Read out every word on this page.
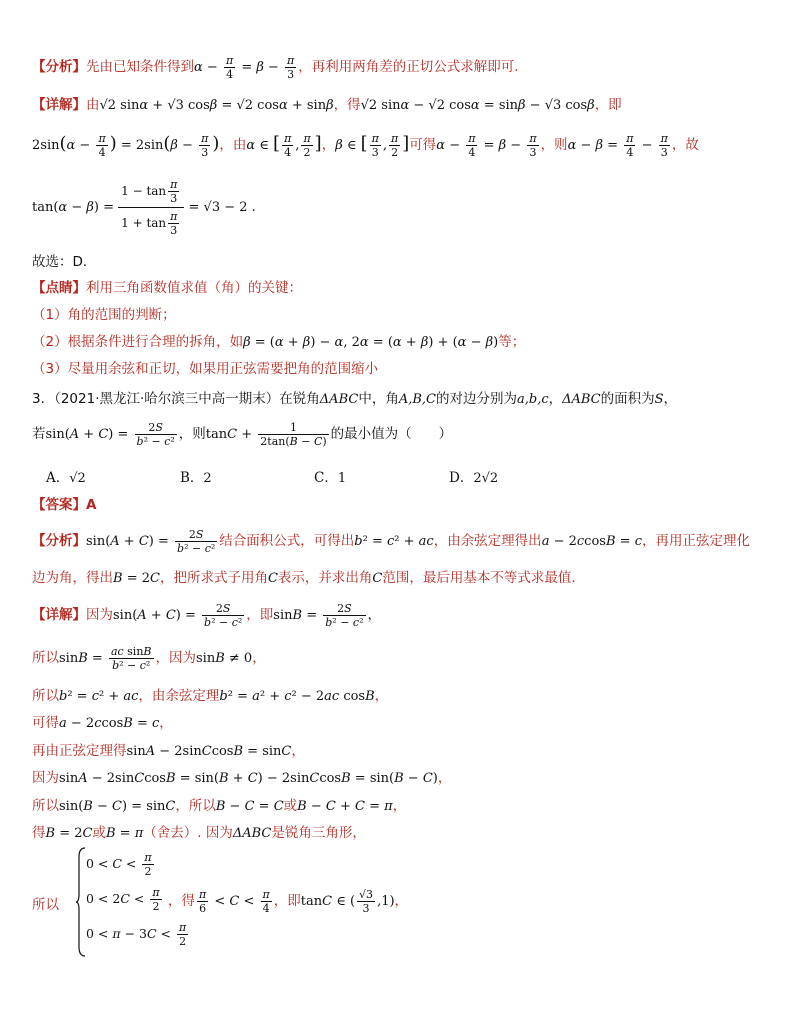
【分析】先由已知条件得到$\alpha - \frac{\pi}{4} = \beta - \frac{\pi}{3}$ ，再利用两角差的正切公式求解即可.
【详解】由√2 sinα + √3 cosβ = √2 cosα + sinβ，得√2 sinα − √2 cosα = sinβ − √3 cosβ，即
$2\sin(\alpha - \frac{\pi}{4}$ ) = $2\sin(\beta - \frac{\pi}{3}$ )，由α ∈ [ $\frac{\pi}{4}$ , $\frac{\pi}{2}$ ]，β ∈ [ $\frac{\pi}{3}$ , $\frac{\pi}{2}$ ]可得$\alpha - \frac{\pi}{4} = \beta - \frac{\pi}{3}$ ，则$\alpha - \beta = \frac{\pi}{4} - \frac{\pi}{3}$ ，故
$\tan(\alpha - \beta) = \frac{1 - \tan \frac{\pi}{3}}{1 + \tan \frac{\pi}{3}} = √3 - 2$ .
故选：D．
【点睛】利用三角函数值求值（角）的关键：
（1）角的范围的判断；
（2）根据条件进行合理的拆角，如β = (α + β) − α, 2α = (α + β) + (α − β)等；
（3）尽量用余弦和正切，如果用正弦需要把角的范围缩小
3．（2021·黑龙江·哈尔滨三中高一期末）在锐角ΔABC中，角A,B,C的对边分别为a,b,c，ΔABC的面积为S，
若$\sin(A + C) = \frac{2S}{\text{b² − c²}}$ ，则$\tan C + \frac{1}{2\tan(B - C)}$ 的最小值为（　　）
A．√2	B．2	C．1	D．2√2
【答案】A
【分析】$\sin(A + C) = \frac{2S}{\text{b² − c²}}$ 结合面积公式，可得出b² = c² + ac，由余弦定理得出a − 2ccosB = c，再用正弦定理化
边为角，得出B = 2C，把所求式子用角C表示，并求出角C范围，最后用基本不等式求最值.
【详解】因为$\sin(A + C) = \frac{2S}{\text{b² − c²}}$ ，即$\sin B = \frac{2S}{\text{b² − c²}}$ ，
所以$\sin B = \frac{\text{ac sinB}}{\text{b² − c²}}$ ，因为sinB ≠ 0，
所以b² = c² + ac，由余弦定理b² = a² + c² − 2ac cosB，
可得a − 2ccosB = c，
再由正弦定理得sinA − 2sinCcosB = sinC，
因为sinA − 2sinCcosB = sin(B + C) − 2sinCcosB = sin(B − C)，
所以sin(B − C) = sinC，所以B − C = C或B − C + C = π，
得B = 2C或B = π（舍去）. 因为ΔABC是锐角三角形，
所以
$0 < C < \frac{\pi}{2}$
$0 < 2C < \frac{\pi}{2}$
$0 < \pi - 3C < \frac{\pi}{2}$
，得 $\frac{\pi}{6} < C < \frac{\pi}{4}$ ，即tanC ∈ ( $\frac{√3}{3} ,1$)，
